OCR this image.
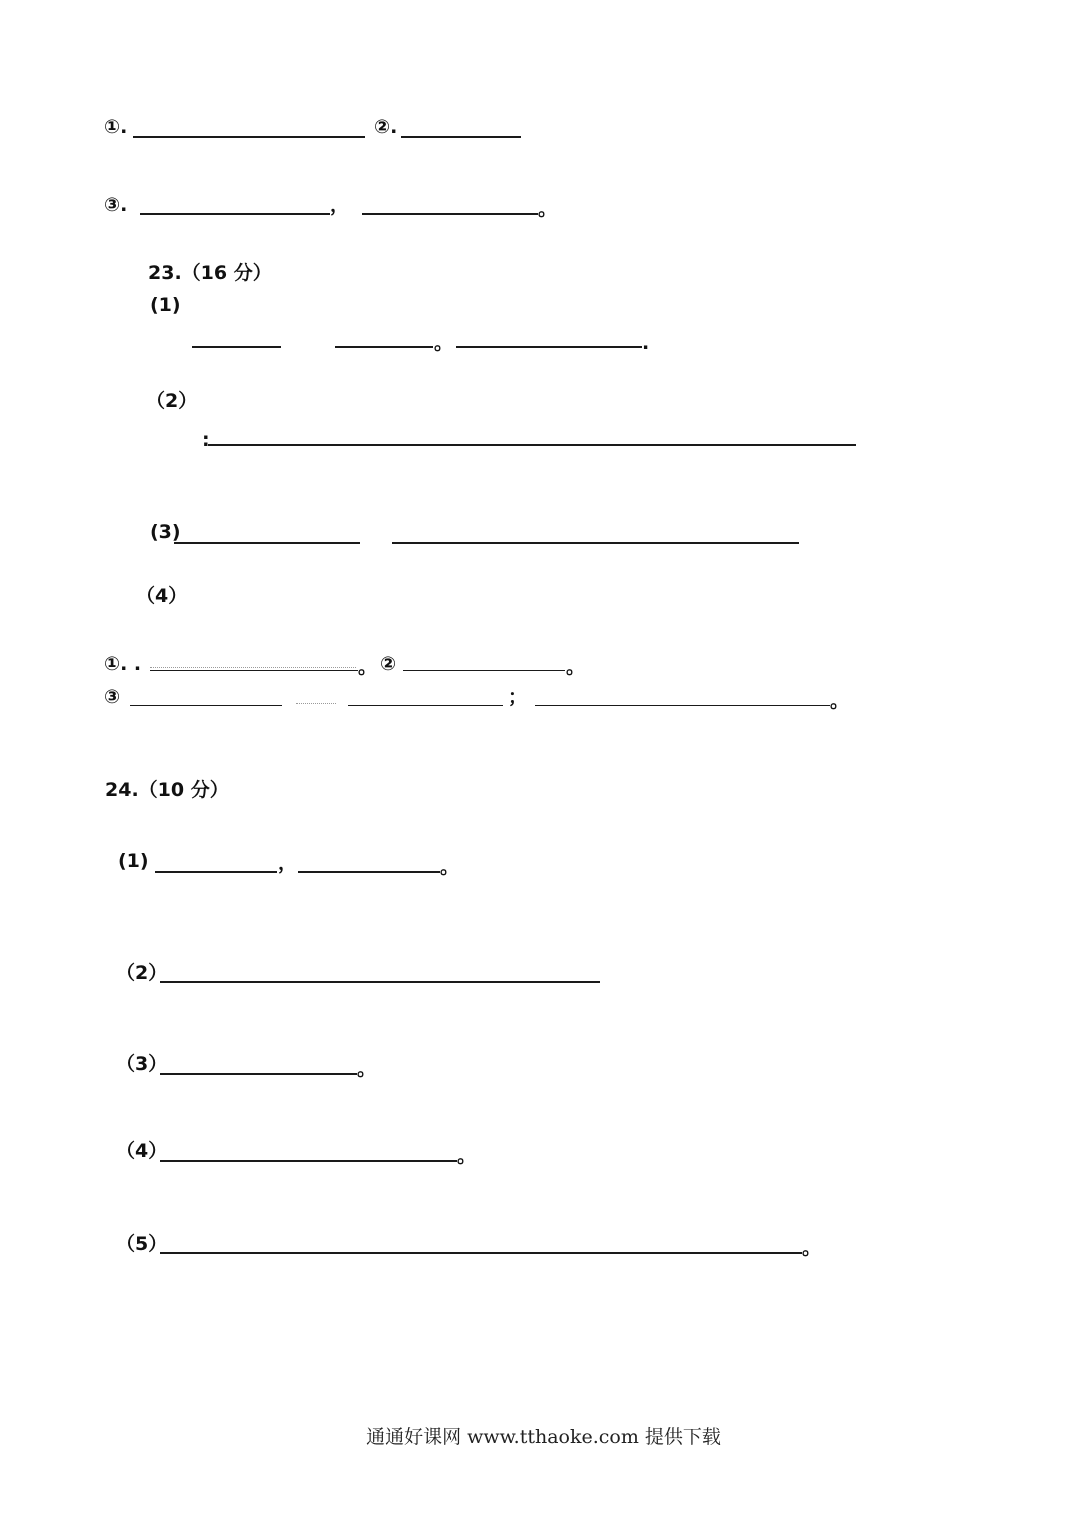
①.	②.
③.	，	。
23.（16 分）
(1)
。	.
（2）
:
(3)
（4）
①. .	。 ②	。
③	；	。
24.（10 分）
(1)	，	。
（2）
（3）	。
（4）	。
（5）	。
通通好课网 www.tthaoke.com 提供下载
